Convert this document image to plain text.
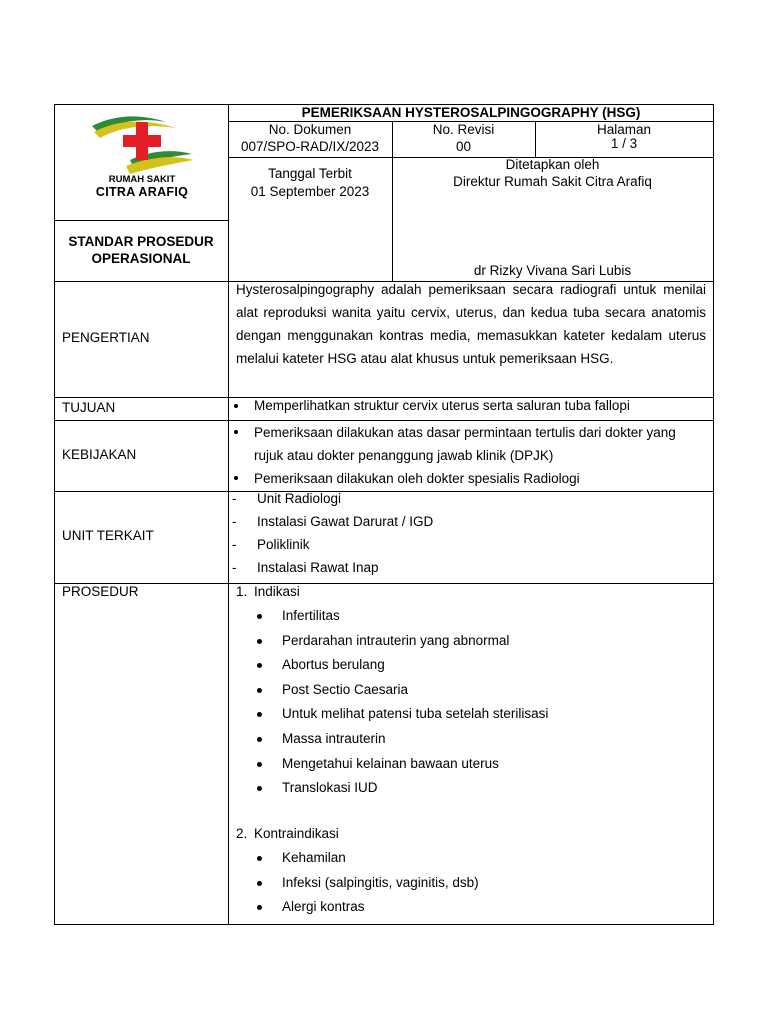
RUMAH SAKIT
CITRA ARAFIQ
PEMERIKSAAN HYSTEROSALPINGOGRAPHY (HSG)
No. Dokumen
007/SPO-RAD/IX/2023
No. Revisi
00
Halaman
1 / 3
Tanggal Terbit
01 September 2023
Ditetapkan oleh
Direktur Rumah Sakit Citra Arafiq
dr Rizky Vivana Sari Lubis
STANDAR PROSEDUR
OPERASIONAL
PENGERTIAN
Hysterosalpingography adalah pemeriksaan secara radiografi untuk menilai alat reproduksi wanita yaitu cervix, uterus, dan kedua tuba secara anatomis dengan menggunakan kontras media, memasukkan kateter kedalam uterus melalui kateter HSG atau alat khusus untuk pemeriksaan HSG.
TUJUAN	Memperlihatkan struktur cervix uterus serta saluran tuba fallopi
KEBIJAKAN
Pemeriksaan dilakukan atas dasar permintaan tertulis dari dokter yang
rujuk atau dokter penanggung jawab klinik (DPJK)
Pemeriksaan dilakukan oleh dokter spesialis Radiologi
UNIT TERKAIT
- Unit Radiologi
- Instalasi Gawat Darurat / IGD
- Poliklinik
- Instalasi Rawat Inap
PROSEDUR	1. Indikasi
Infertilitas
Perdarahan intrauterin yang abnormal
Abortus berulang
Post Sectio Caesaria
Untuk melihat patensi tuba setelah sterilisasi
Massa intrauterin
Mengetahui kelainan bawaan uterus
Translokasi IUD
2. Kontraindikasi
Kehamilan
Infeksi (salpingitis, vaginitis, dsb)
Alergi kontras
